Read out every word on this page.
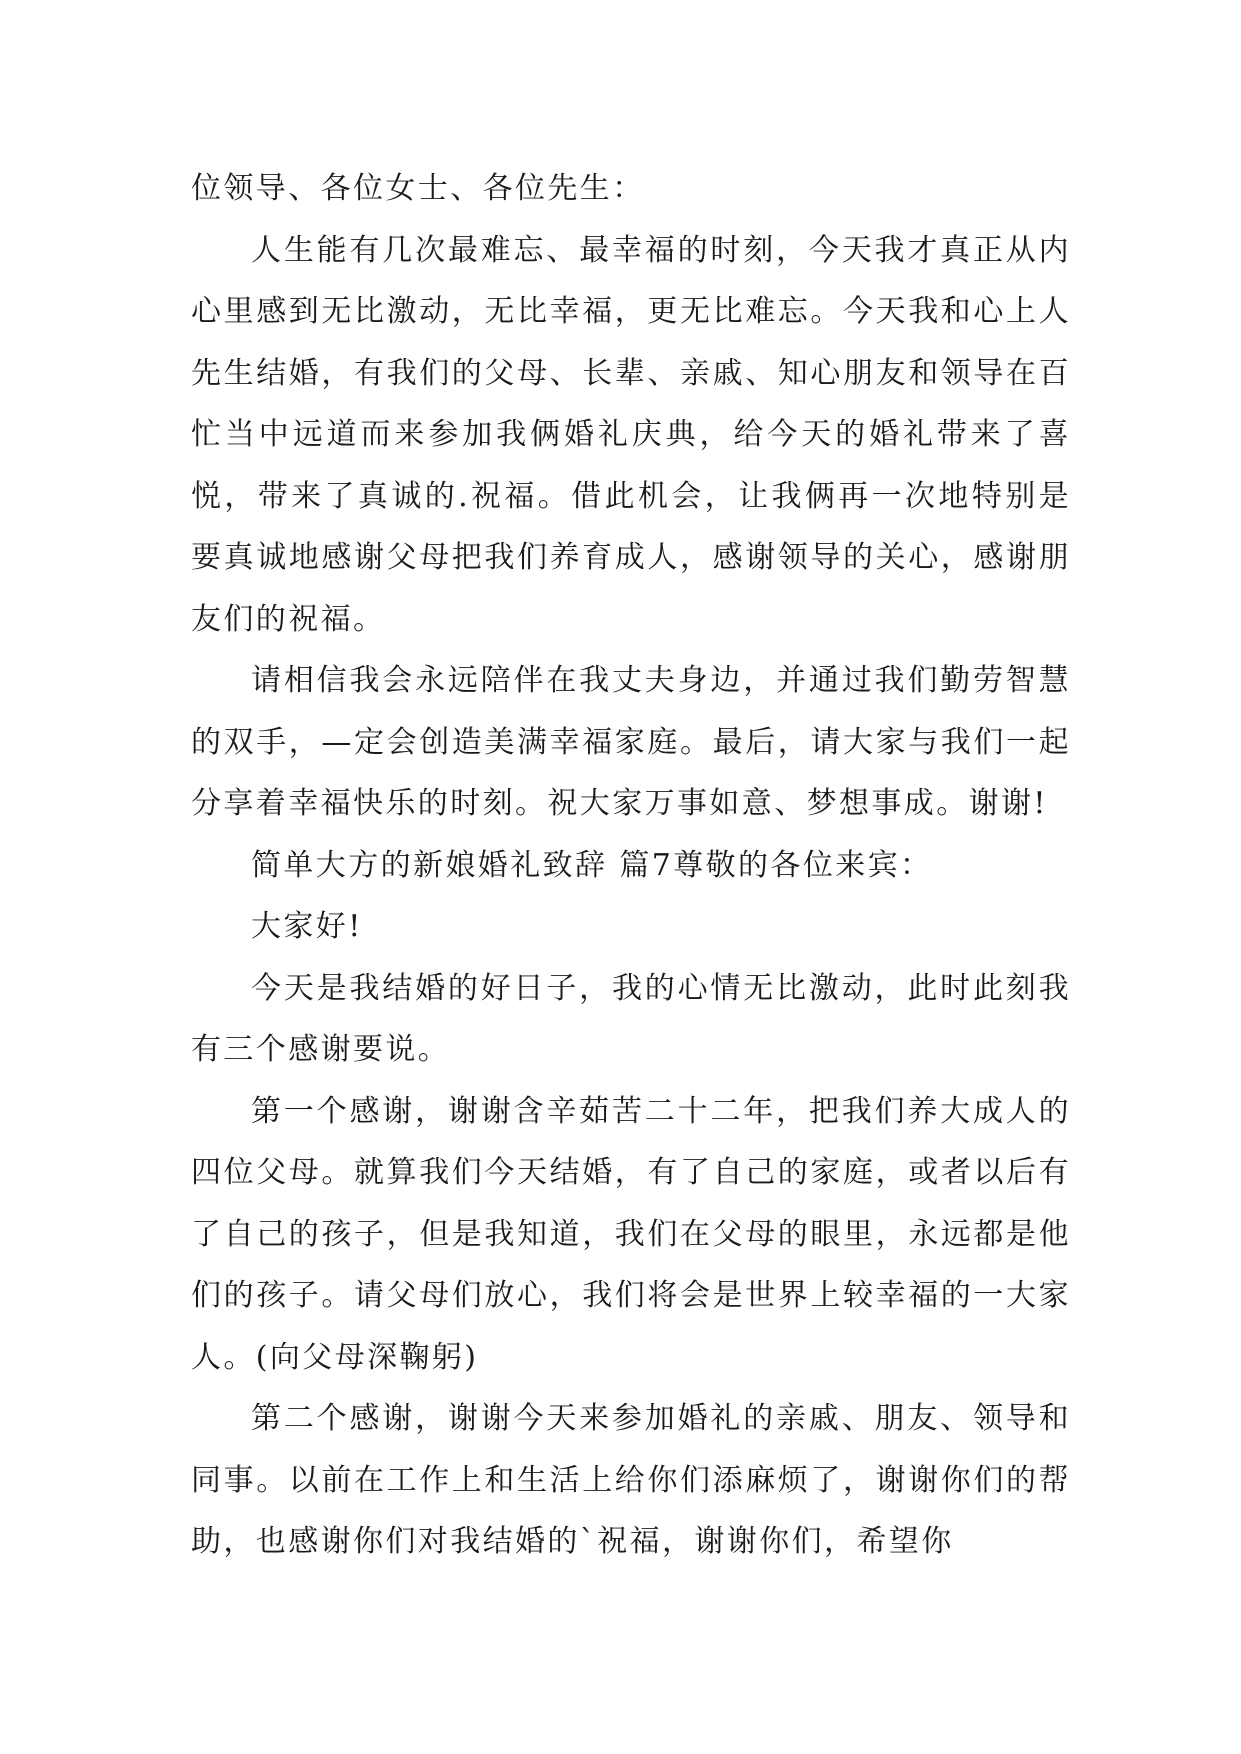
位领导、各位女士、各位先生：

人生能有几次最难忘、最幸福的时刻，今天我才真正从内心里感到无比激动，无比幸福，更无比难忘。今天我和心上人先生结婚，有我们的父母、长辈、亲戚、知心朋友和领导在百忙当中远道而来参加我俩婚礼庆典，给今天的婚礼带来了喜悦，带来了真诚的.祝福。借此机会，让我俩再一次地特别是要真诚地感谢父母把我们养育成人，感谢领导的关心，感谢朋友们的祝福。

请相信我会永远陪伴在我丈夫身边，并通过我们勤劳智慧的双手，—定会创造美满幸福家庭。最后，请大家与我们一起分享着幸福快乐的时刻。祝大家万事如意、梦想事成。谢谢!

简单大方的新娘婚礼致辞 篇7尊敬的各位来宾：

大家好!

今天是我结婚的好日子，我的心情无比激动，此时此刻我有三个感谢要说。

第一个感谢，谢谢含辛茹苦二十二年，把我们养大成人的四位父母。就算我们今天结婚，有了自己的家庭，或者以后有了自己的孩子，但是我知道，我们在父母的眼里，永远都是他们的孩子。请父母们放心，我们将会是世界上较幸福的一大家人。(向父母深鞠躬)

第二个感谢，谢谢今天来参加婚礼的亲戚、朋友、领导和同事。以前在工作上和生活上给你们添麻烦了，谢谢你们的帮助，也感谢你们对我结婚的`祝福，谢谢你们，希望你
